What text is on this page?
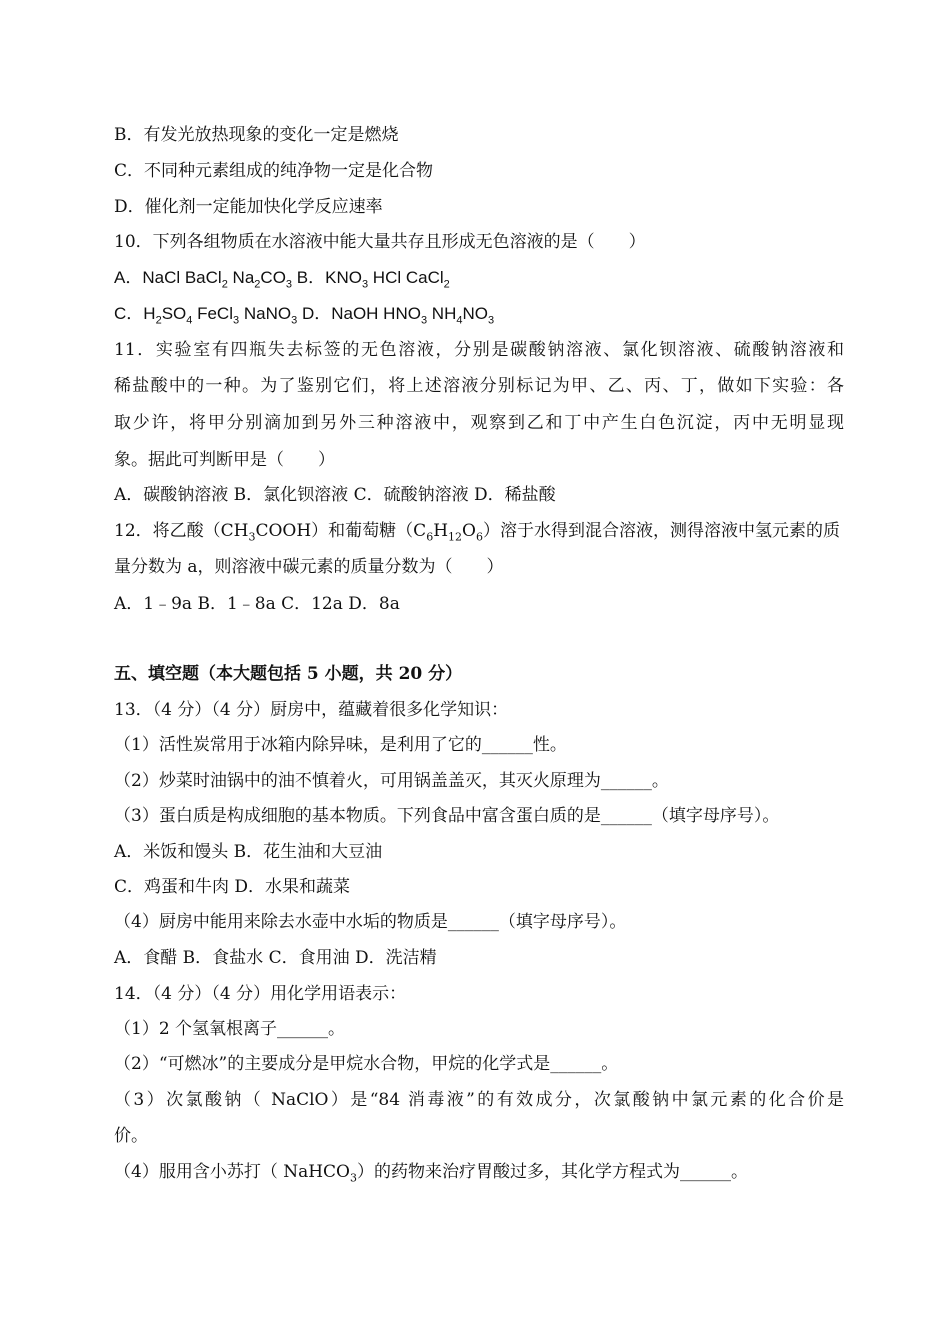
B．有发光放热现象的变化一定是燃烧
C．不同种元素组成的纯净物一定是化合物
D．催化剂一定能加快化学反应速率
10．下列各组物质在水溶液中能大量共存且形成无色溶液的是（　　）
A．NaCl BaCl$_2$ $Na_2CO_3$ B．$KNO_3$ HCl CaCl$_2$
C．$H_2SO_4$ FeCl$_3$ NaNO$_3$ D．NaOH $HNO_3$ $NH_4NO_3$
11．实验室有四瓶失去标签的无色溶液，分别是碳酸钠溶液、氯化钡溶液、硫酸钠溶液和
稀盐酸中的一种。为了鉴别它们，将上述溶液分别标记为甲、乙、丙、丁，做如下实验：各
取少许，将甲分别滴加到另外三种溶液中，观察到乙和丁中产生白色沉淀，丙中无明显现
象。据此可判断甲是（　　）
A．碳酸钠溶液 B．氯化钡溶液 C．硫酸钠溶液 D．稀盐酸
12．将乙酸$(CH_3COOH)$和葡萄糖$(C_6H_{12}O_6)$溶于水得到混合溶液，测得溶液中氢元素的质
量分数为 a，则溶液中碳元素的质量分数为（　　）
A．1﹣9a B．1﹣8a C．12a D．8a
五、填空题（本大题包括 5 小题，共 20 分）
13．（4 分）（4 分）厨房中，蕴藏着很多化学知识：
（1）活性炭常用于冰箱内除异味，是利用了它的______性。
（2）炒菜时油锅中的油不慎着火，可用锅盖盖灭，其灭火原理为______。
（3）蛋白质是构成细胞的基本物质。下列食品中富含蛋白质的是______（填字母序号）。
A．米饭和馒头 B．花生油和大豆油
C．鸡蛋和牛肉 D．水果和蔬菜
（4）厨房中能用来除去水壶中水垢的物质是______（填字母序号）。
A．食醋 B．食盐水 C．食用油 D．洗洁精
14．（4 分）（4 分）用化学用语表示：
（1）2 个氢氧根离子______。
（2）“可燃冰”的主要成分是甲烷水合物，甲烷的化学式是______。
（3）次氯酸钠（ NaClO）是“84 消毒液”的有效成分，次氯酸钠中氯元素的化合价是
价。
（4）服用含小苏打（ NaHCO$_3$）的药物来治疗胃酸过多，其化学方程式为______。
